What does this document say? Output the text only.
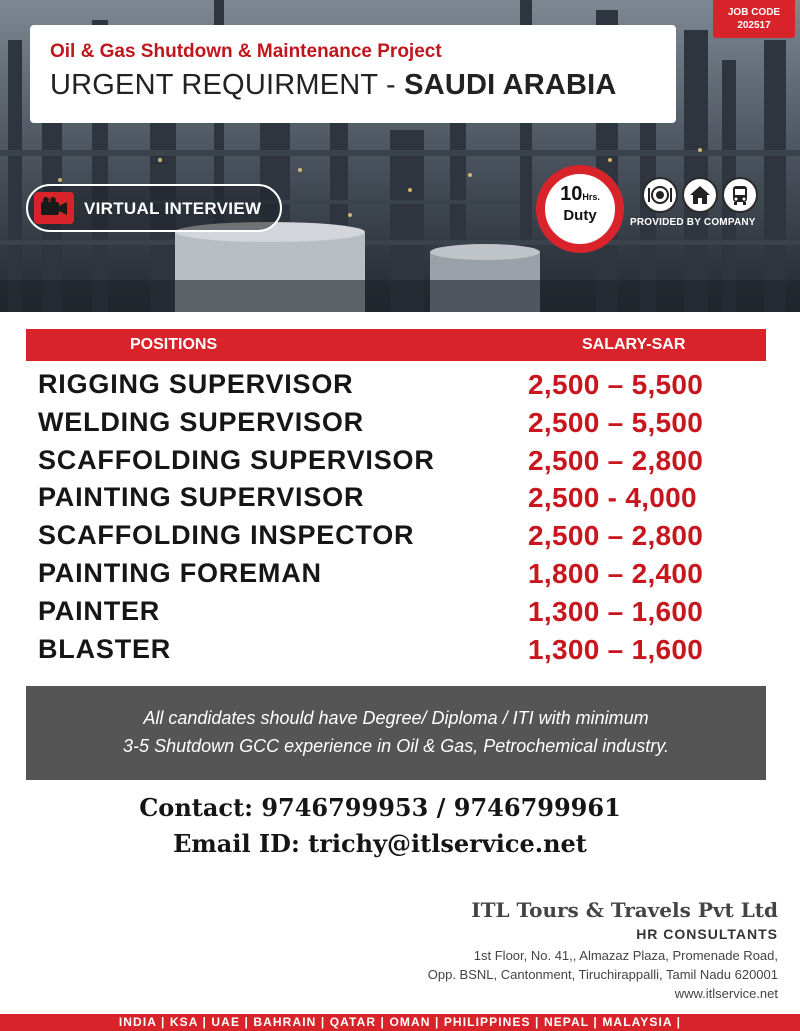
Oil & Gas Shutdown & Maintenance Project
URGENT REQUIRMENT - SAUDI ARABIA
JOB CODE
202517
VIRTUAL INTERVIEW
10Hrs.
Duty	PROVIDED BY COMPANY
POSITIONS	SALARY-SAR
RIGGING SUPERVISOR	2,500 – 5,500
WELDING SUPERVISOR	2,500 – 5,500
SCAFFOLDING SUPERVISOR	2,500 – 2,800
PAINTING SUPERVISOR	2,500 - 4,000
SCAFFOLDING INSPECTOR	2,500 – 2,800
PAINTING FOREMAN	1,800 – 2,400
PAINTER	1,300 – 1,600
BLASTER	1,300 – 1,600
All candidates should have Degree/ Diploma / ITI with minimum
3-5 Shutdown GCC experience in Oil & Gas, Petrochemical industry.
Contact: 9746799953 / 9746799961
Email ID: trichy@itlservice.net
ITL Tours & Travels Pvt Ltd
HR CONSULTANTS
1st Floor, No. 41,, Almazaz Plaza, Promenade Road,
Opp. BSNL, Cantonment, Tiruchirappalli, Tamil Nadu 620001
www.itlservice.net
INDIA | KSA | UAE | BAHRAIN | QATAR | OMAN | PHILIPPINES | NEPAL | MALAYSIA |
